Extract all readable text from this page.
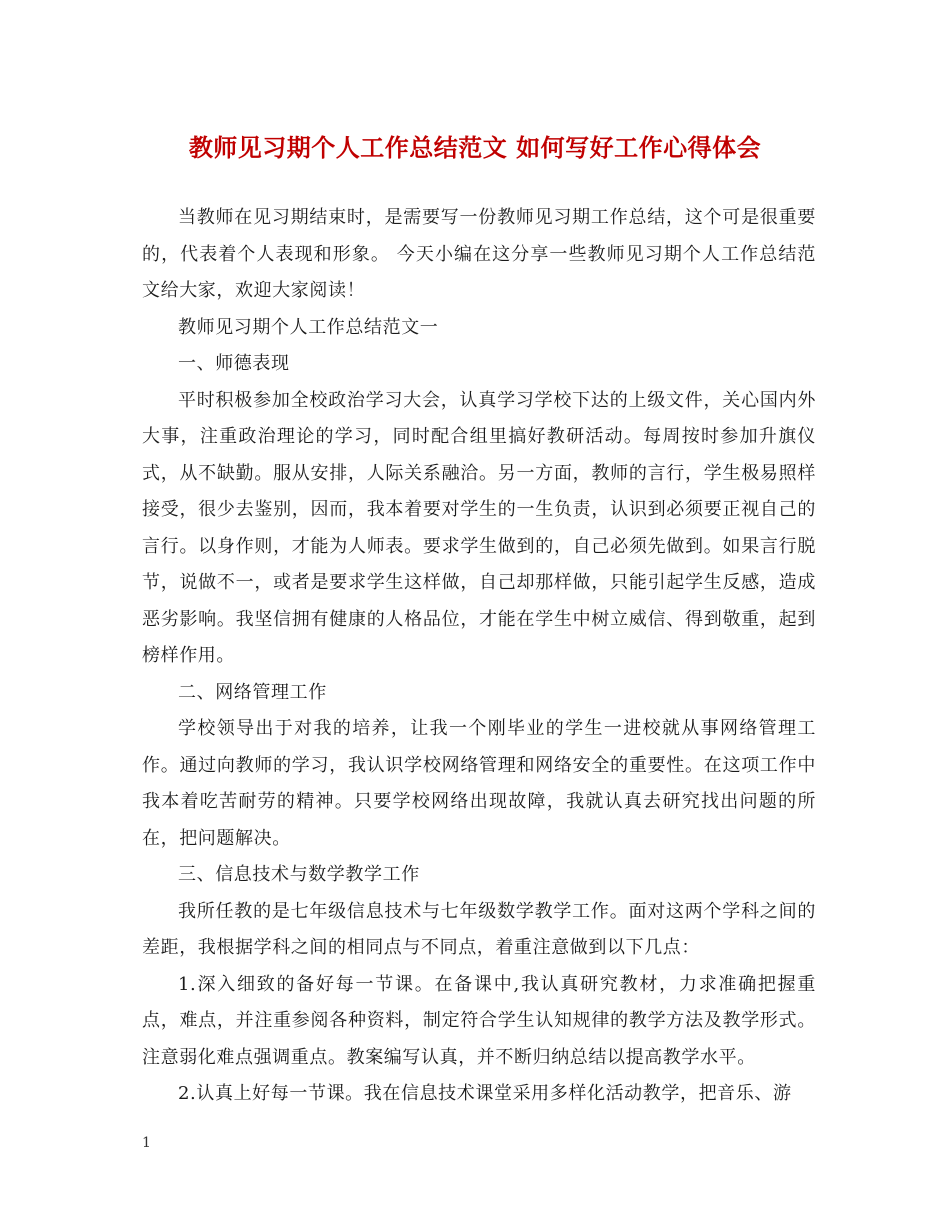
教师见习期个人工作总结范文 如何写好工作心得体会

当教师在见习期结束时，是需要写一份教师见习期工作总结，这个可是很重要的，代表着个人表现和形象。 今天小编在这分享一些教师见习期个人工作总结范文给大家，欢迎大家阅读！

教师见习期个人工作总结范文一

一、师德表现

平时积极参加全校政治学习大会，认真学习学校下达的上级文件，关心国内外大事，注重政治理论的学习，同时配合组里搞好教研活动。每周按时参加升旗仪式，从不缺勤。服从安排，人际关系融洽。另一方面，教师的言行，学生极易照样接受，很少去鉴别，因而，我本着要对学生的一生负责，认识到必须要正视自己的言行。以身作则，才能为人师表。要求学生做到的，自己必须先做到。如果言行脱节，说做不一，或者是要求学生这样做，自己却那样做，只能引起学生反感，造成恶劣影响。我坚信拥有健康的人格品位，才能在学生中树立威信、得到敬重，起到榜样作用。

二、网络管理工作

学校领导出于对我的培养，让我一个刚毕业的学生一进校就从事网络管理工作。通过向教师的学习，我认识学校网络管理和网络安全的重要性。在这项工作中我本着吃苦耐劳的精神。只要学校网络出现故障，我就认真去研究找出问题的所在，把问题解决。

三、信息技术与数学教学工作

我所任教的是七年级信息技术与七年级数学教学工作。面对这两个学科之间的差距，我根据学科之间的相同点与不同点，着重注意做到以下几点：

1.深入细致的备好每一节课。在备课中,我认真研究教材，力求准确把握重点，难点，并注重参阅各种资料，制定符合学生认知规律的教学方法及教学形式。注意弱化难点强调重点。教案编写认真，并不断归纳总结以提高教学水平。

2.认真上好每一节课。我在信息技术课堂采用多样化活动教学，把音乐、游

1
